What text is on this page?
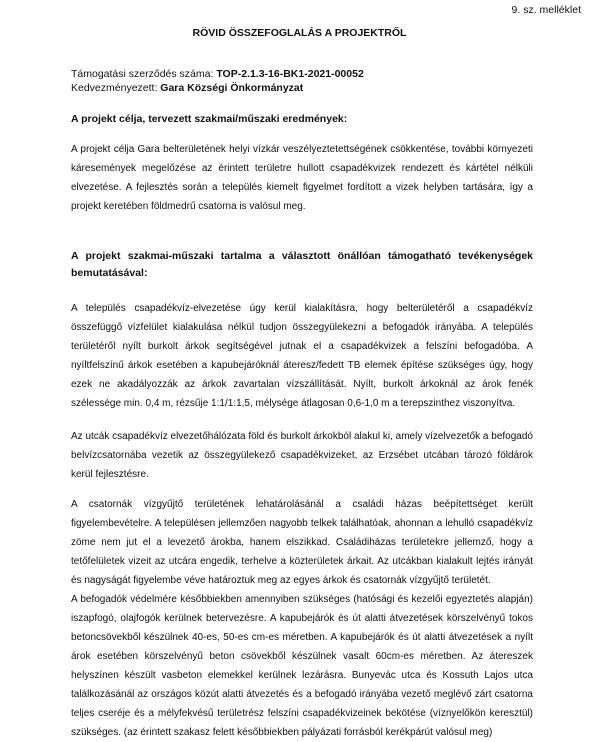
9. sz. melléklet
RÖVID ÖSSZEFOGLALÁS A PROJEKTRŐL
Támogatási szerződés száma: TOP-2.1.3-16-BK1-2021-00052
Kedvezményezett: Gara Községi Önkormányzat
A projekt célja, tervezett szakmai/műszaki eredmények:

A projekt célja Gara belterületének helyi vízkár veszélyeztetettségének csökkentése, további környezeti káresemények megelőzése az érintett területre hullott csapadékvizek rendezett és kártétel nélküli elvezetése. A fejlesztés során a település kiemelt figyelmet fordított a vizek helyben tartására, így a projekt keretében földmedrű csatorna is valósul meg.

A projekt szakmai-műszaki tartalma a választott önállóan támogatható tevékenységek bemutatásával:

A település csapadékvíz-elvezetése úgy kerül kialakításra, hogy belterületéről a csapadékvíz összefüggő vízfelület kialakulása nélkül tudjon összegyülekezni a befogadók irányába. A település területéről nyílt burkolt árkok segítségével jutnak el a csapadékvizek a felszíni befogadóba. A nyíltfelszínű árkok esetében a kapubejáróknál áteresz/fedett TB elemek építése szükséges úgy, hogy ezek ne akadályozzák az árkok zavartalan vízszállítását. Nyílt, burkolt árkoknál az árok fenék szélessége min. 0,4 m, rézsűje 1:1/1:1,5, mélysége átlagosan 0,6-1,0 m a terepszinthez viszonyítva.

Az utcák csapadékvíz elvezetőhálózata föld és burkolt árkokból alakul ki, amely vízelvezetők a befogadó belvízcsatornába vezetik az összegyülekező csapadékvizeket, az Erzsébet utcában tározó földárok kerül fejlesztésre.

A csatornák vízgyűjtő területének lehatárolásánál a családi házas beépítettséget került figyelembevételre. A településen jellemzően nagyobb telkek találhatóak, ahonnan a lehulló csapadékvíz zöme nem jut el a levezető árokba, hanem elszikkad. Családiházas területekre jellemző, hogy a tetőfelületek vizeit az utcára engedik, terhelve a közterületek árkait. Az utcákban kialakult lejtés irányát és nagyságát figyelembe véve határoztuk meg az egyes árkok és csatornák vízgyűjtő területét.

A befogadók védelmére későbbiekben amennyiben szükséges (hatósági és kezelői egyeztetés alapján) iszapfogó, olajfogók kerülnek betervezésre. A kapubejárók és út alatti átvezetések körszelvényű tokos betoncsövekből készülnek 40-es, 50-es cm-es méretben. A kapubejárók és út alatti átvezetések a nyílt árok esetében körszelvényű beton csövekből készülnek vasalt 60cm-es méretben. Az átereszek helyszínen készült vasbeton elemekkel kerülnek lezárásra. Bunyevác utca és Kossuth Lajos utca találkozásánál az országos közút alatti átvezetés és a befogadó irányába vezető meglévő zárt csatorna teljes cseréje és a mélyfekvésű területrész felszíni csapadékvizeinek bekötése (víznyelőkön keresztül) szükséges. (az érintett szakasz felett későbbiekben pályázati forrásból kerékpárút valósul meg)
